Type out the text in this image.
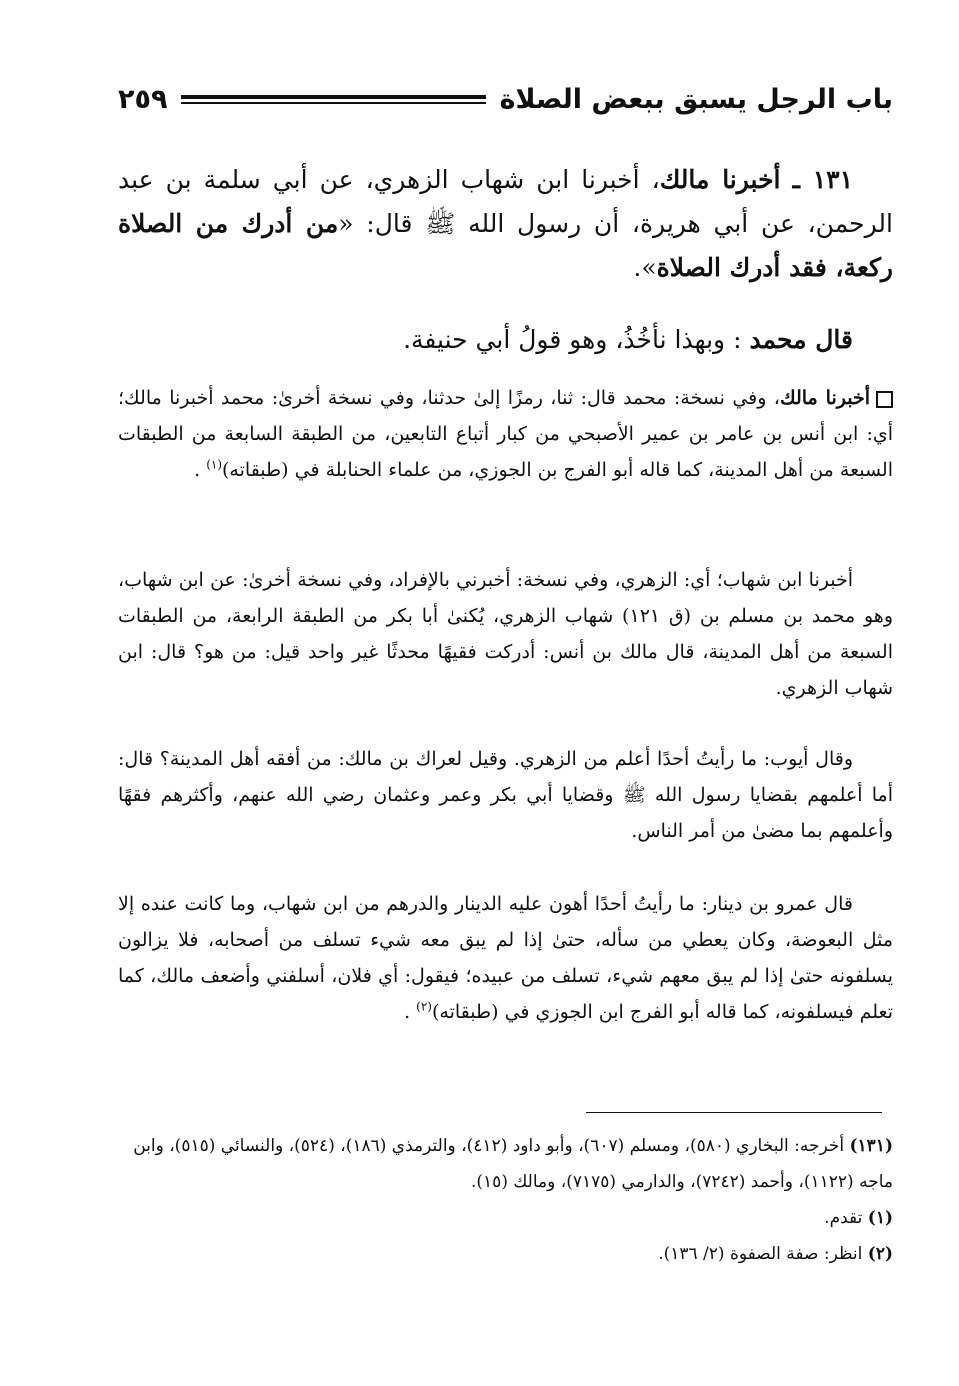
باب الرجل يسبق ببعض الصلاة
٢٥٩

١٣١ ـ أخبرنا مالك، أخبرنا ابن شهاب الزهري، عن أبي سلمة بن عبد الرحمن، عن أبي هريرة، أن رسول الله ﷺ قال: «من أدرك من الصلاة ركعة، فقد أدرك الصلاة».

قال محمد : وبهذا نأخُذُ، وهو قولُ أبي حنيفة.

أخبرنا مالك، وفي نسخة: محمد قال: ثنا، رمزًا إلىٰ حدثنا، وفي نسخة أخرىٰ: محمد أخبرنا مالك؛ أي: ابن أنس بن عامر بن عمير الأصبحي من كبار أتباع التابعين، من الطبقة السابعة من الطبقات السبعة من أهل المدينة، كما قاله أبو الفرج بن الجوزي، من علماء الحنابلة في (طبقاته)$^{(١)}$ .

أخبرنا ابن شهاب؛ أي: الزهري، وفي نسخة: أخبرني بالإفراد، وفي نسخة أخرىٰ: عن ابن شهاب، وهو محمد بن مسلم بن (ق ١٢١) شهاب الزهري، يُكنىٰ أبا بكر من الطبقة الرابعة، من الطبقات السبعة من أهل المدينة، قال مالك بن أنس: أدركت فقيهًا محدثًا غير واحد قيل: من هو؟ قال: ابن شهاب الزهري.

وقال أيوب: ما رأيتُ أحدًا أعلم من الزهري. وقيل لعراك بن مالك: من أفقه أهل المدينة؟ قال: أما أعلمهم بقضايا رسول الله ﷺ وقضايا أبي بكر وعمر وعثمان رضي الله عنهم، وأكثرهم فقهًا وأعلمهم بما مضىٰ من أمر الناس.

قال عمرو بن دينار: ما رأيتُ أحدًا أهون عليه الدينار والدرهم من ابن شهاب، وما كانت عنده إلا مثل البعوضة، وكان يعطي من سأله، حتىٰ إذا لم يبق معه شيء تسلف من أصحابه، فلا يزالون يسلفونه حتىٰ إذا لم يبق معهم شيء، تسلف من عبيده؛ فيقول: أي فلان، أسلفني وأضعف مالك، كما تعلم فيسلفونه، كما قاله أبو الفرج ابن الجوزي في (طبقاته)$^{(٢)}$ .

(١٣١) أخرجه: البخاري (٥٨٠)، ومسلم (٦٠٧)، وأبو داود (٤١٢)، والترمذي (١٨٦)، (٥٢٤)، والنسائي (٥١٥)، وابن ماجه (١١٢٢)، وأحمد (٧٢٤٢)، والدارمي (٧١٧٥)، ومالك (١٥).
(١) تقدم.
(٢) انظر: صفة الصفوة (٢/ ١٣٦).
